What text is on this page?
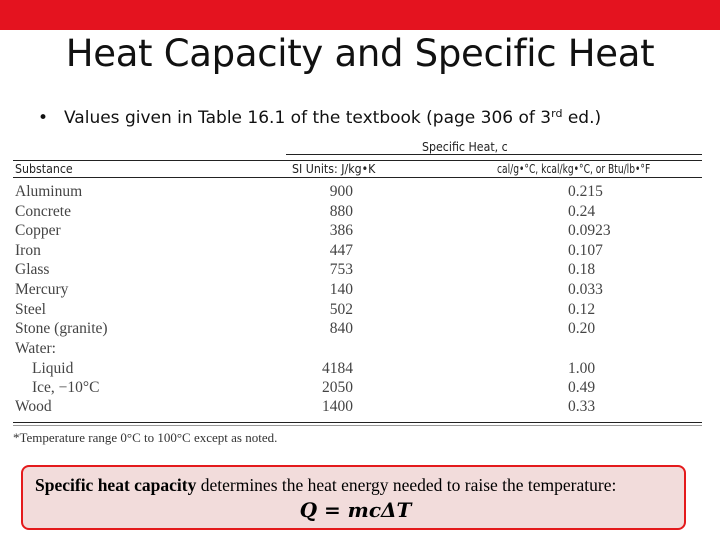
Heat Capacity and Specific Heat
• Values given in Table 16.1 of the textbook (page 306 of 3rd ed.)
Specific Heat, c
Substance	SI Units: J/kg•K	cal/g•°C, kcal/kg•°C, or Btu/lb•°F
Aluminum	900	0.215
Concrete	880	0.24
Copper	386	0.0923
Iron	447	0.107
Glass	753	0.18
Mercury	140	0.033
Steel	502	0.12
Stone (granite)	840	0.20
Water:
Liquid	4184	1.00
Ice, −10°C	2050	0.49
Wood	1400	0.33
*Temperature range 0°C to 100°C except as noted.
Specific heat capacity determines the heat energy needed to raise the temperature:
Q = mcΔT
